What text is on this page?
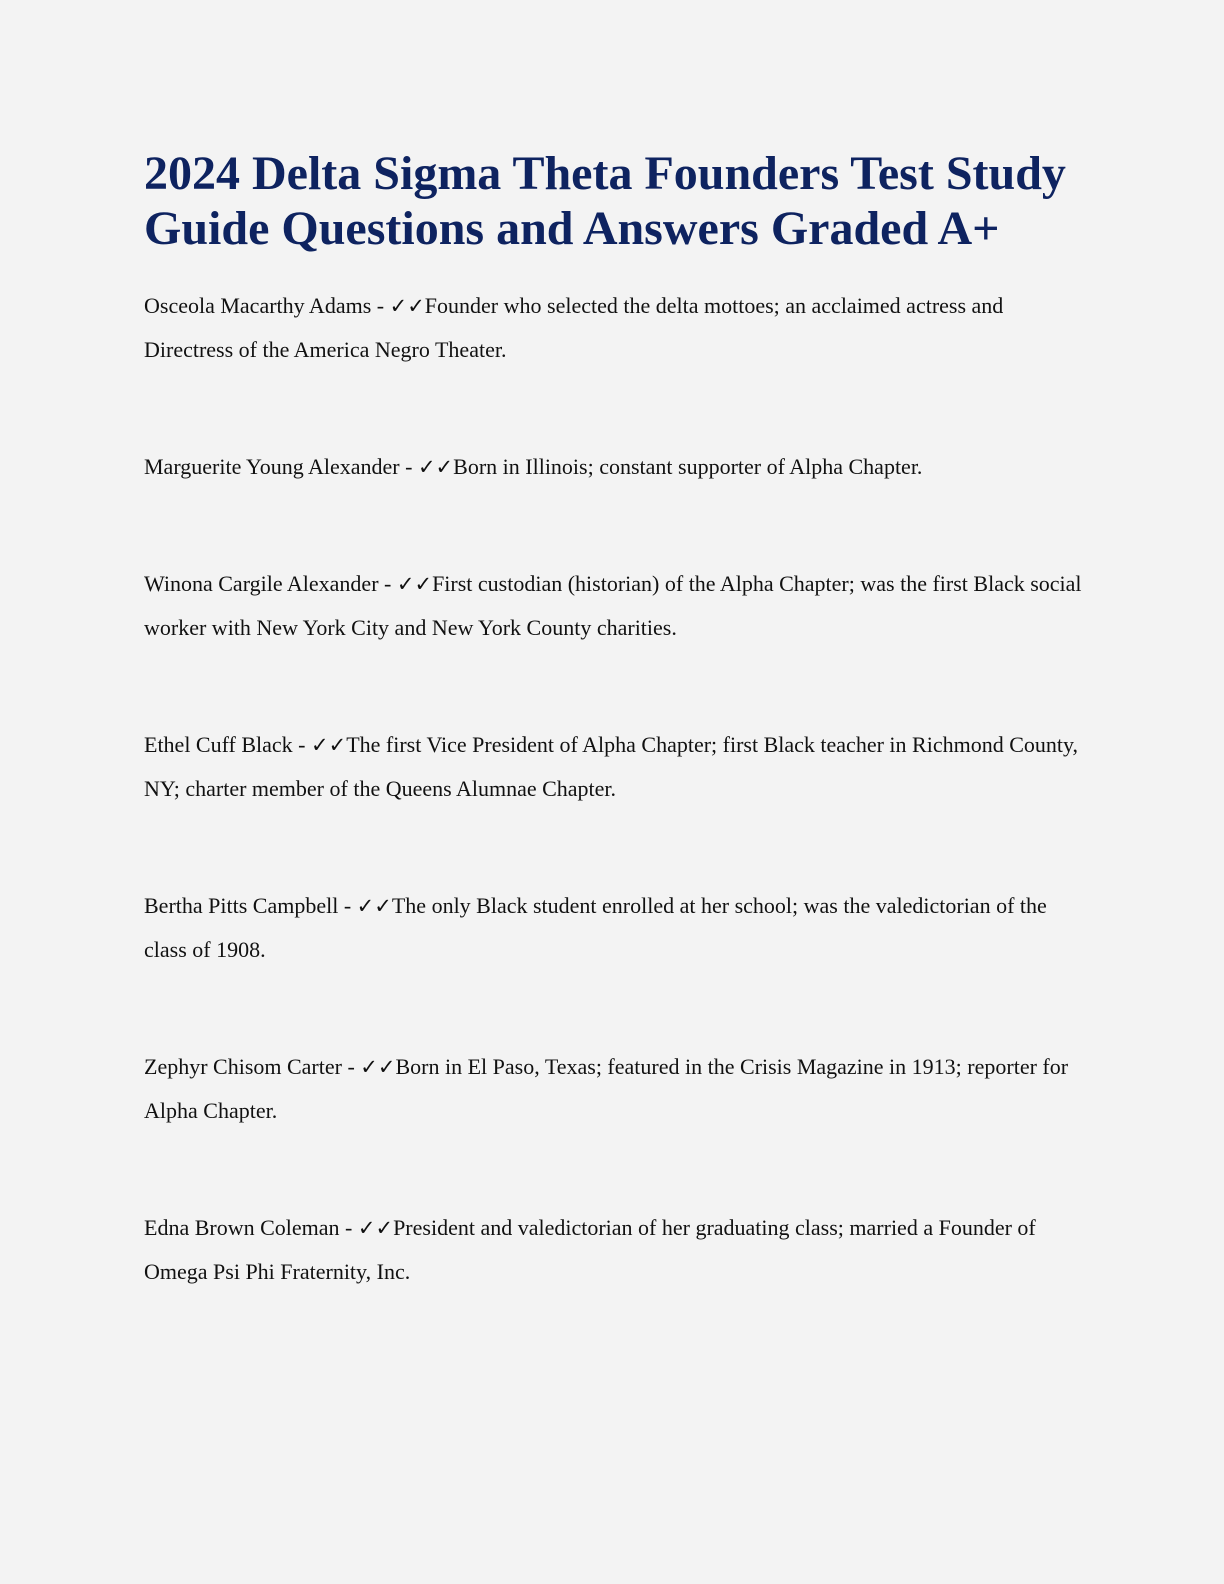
2024 Delta Sigma Theta Founders Test Study Guide Questions and Answers Graded A+

Osceola Macarthy Adams - ✓✓Founder who selected the delta mottoes; an acclaimed actress and Directress of the America Negro Theater.

Marguerite Young Alexander - ✓✓Born in Illinois; constant supporter of Alpha Chapter.

Winona Cargile Alexander - ✓✓First custodian (historian) of the Alpha Chapter; was the first Black social worker with New York City and New York County charities.

Ethel Cuff Black - ✓✓The first Vice President of Alpha Chapter; first Black teacher in Richmond County, NY; charter member of the Queens Alumnae Chapter.

Bertha Pitts Campbell - ✓✓The only Black student enrolled at her school; was the valedictorian of the class of 1908.

Zephyr Chisom Carter - ✓✓Born in El Paso, Texas; featured in the Crisis Magazine in 1913; reporter for Alpha Chapter.

Edna Brown Coleman - ✓✓President and valedictorian of her graduating class; married a Founder of Omega Psi Phi Fraternity, Inc.
